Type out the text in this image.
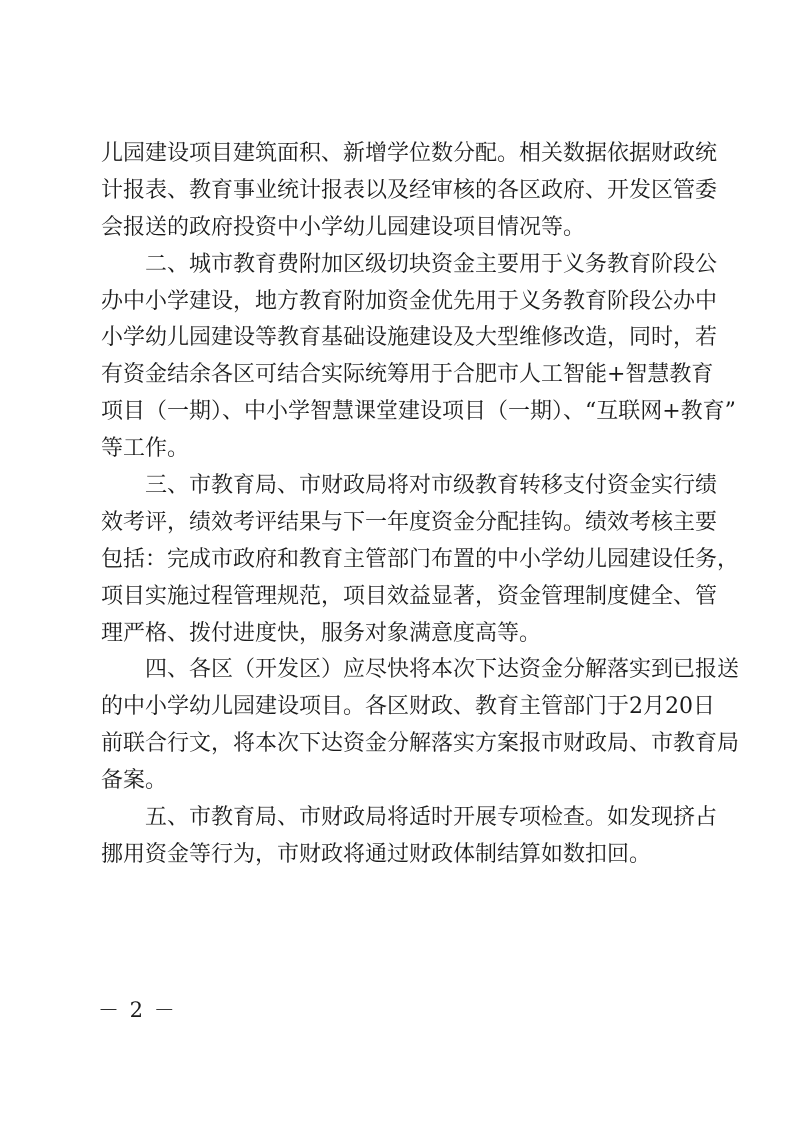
儿园建设项目建筑面积、新增学位数分配。相关数据依据财政统
计报表、教育事业统计报表以及经审核的各区政府、开发区管委
会报送的政府投资中小学幼儿园建设项目情况等。
二、城市教育费附加区级切块资金主要用于义务教育阶段公
办中小学建设，地方教育附加资金优先用于义务教育阶段公办中
小学幼儿园建设等教育基础设施建设及大型维修改造，同时，若
有资金结余各区可结合实际统筹用于合肥市人工智能+智慧教育
项目（一期）、中小学智慧课堂建设项目（一期）、“互联网+教育”
等工作。
三、市教育局、市财政局将对市级教育转移支付资金实行绩
效考评，绩效考评结果与下一年度资金分配挂钩。绩效考核主要
包括：完成市政府和教育主管部门布置的中小学幼儿园建设任务，
项目实施过程管理规范，项目效益显著，资金管理制度健全、管
理严格、拨付进度快，服务对象满意度高等。
四、各区（开发区）应尽快将本次下达资金分解落实到已报送
的中小学幼儿园建设项目。各区财政、教育主管部门于2月20日
前联合行文，将本次下达资金分解落实方案报市财政局、市教育局
备案。
五、市教育局、市财政局将适时开展专项检查。如发现挤占
挪用资金等行为，市财政将通过财政体制结算如数扣回。
－ 2 －
